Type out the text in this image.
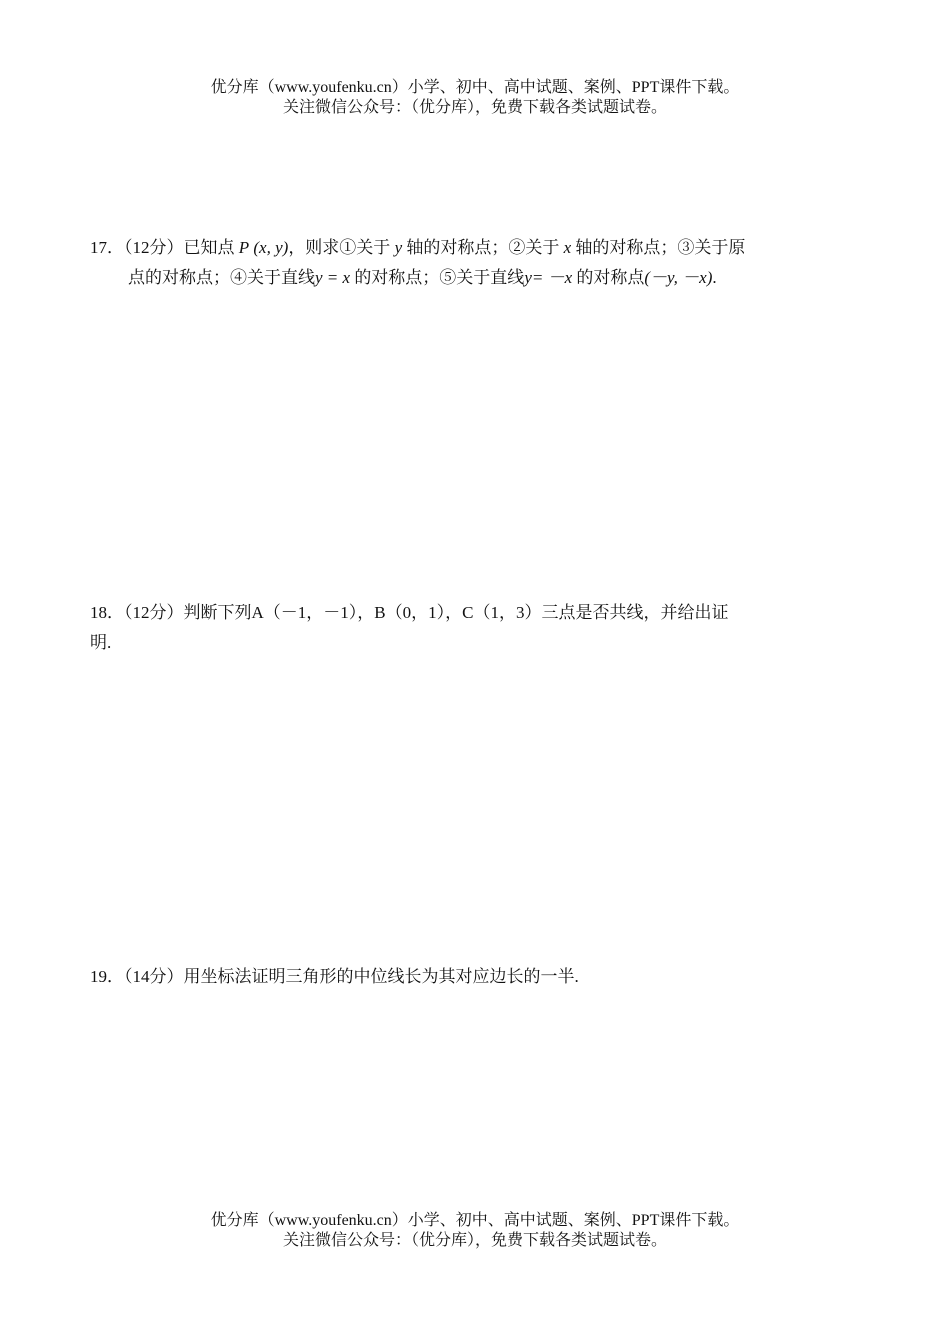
优分库（www.youfenku.cn）小学、初中、高中试题、案例、PPT课件下载。
关注微信公众号：（优分库），免费下载各类试题试卷。
17．（12分）已知点 P (x, y)，则求①关于 y 轴的对称点；②关于 x 轴的对称点；③关于原
点的对称点；④关于直线y = x 的对称点；⑤关于直线y= －x 的对称点(－y, －x).
18．（12分）判断下列A（－1，－1），B（0，1），C（1，3）三点是否共线，并给出证
明.
19．（14分）用坐标法证明三角形的中位线长为其对应边长的一半.
优分库（www.youfenku.cn）小学、初中、高中试题、案例、PPT课件下载。
关注微信公众号：（优分库），免费下载各类试题试卷。
